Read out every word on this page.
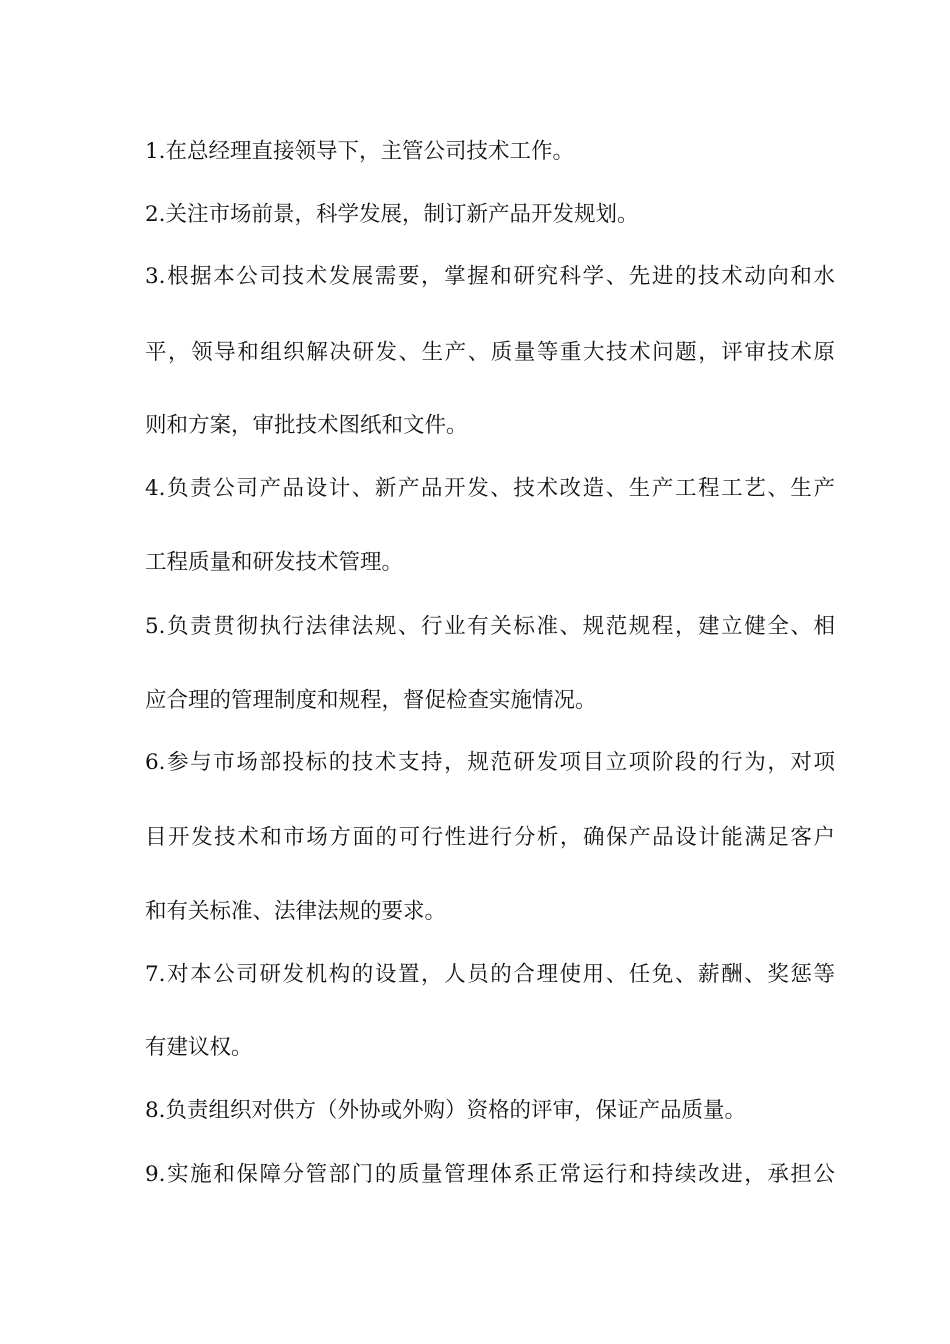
1.在总经理直接领导下，主管公司技术工作。
2.关注市场前景，科学发展，制订新产品开发规划。
3.根据本公司技术发展需要，掌握和研究科学、先进的技术动向和水
平，领导和组织解决研发、生产、质量等重大技术问题，评审技术原
则和方案，审批技术图纸和文件。
4.负责公司产品设计、新产品开发、技术改造、生产工程工艺、生产
工程质量和研发技术管理。
5.负责贯彻执行法律法规、行业有关标准、规范规程，建立健全、相
应合理的管理制度和规程，督促检查实施情况。
6.参与市场部投标的技术支持，规范研发项目立项阶段的行为，对项
目开发技术和市场方面的可行性进行分析，确保产品设计能满足客户
和有关标准、法律法规的要求。
7.对本公司研发机构的设置，人员的合理使用、任免、薪酬、奖惩等
有建议权。
8.负责组织对供方（外协或外购）资格的评审，保证产品质量。
9.实施和保障分管部门的质量管理体系正常运行和持续改进，承担公
